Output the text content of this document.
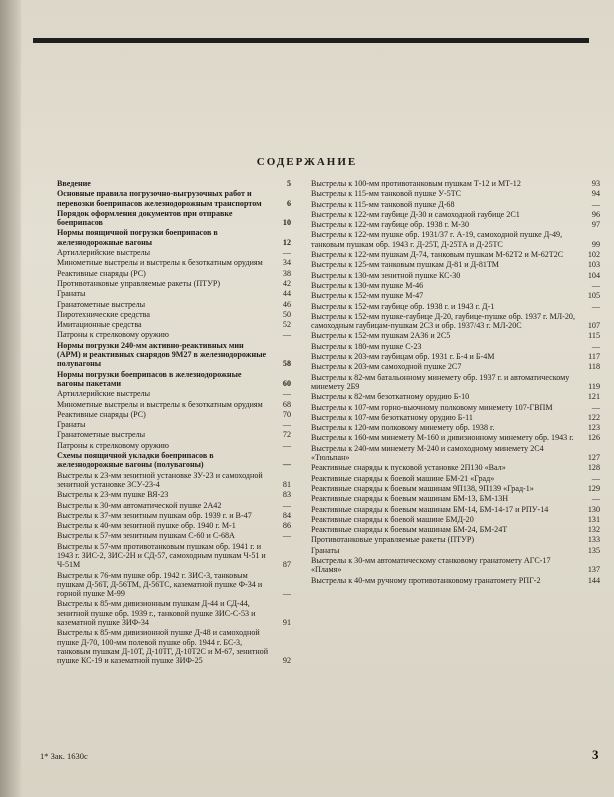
СОДЕРЖАНИЕ
Введение	5
Основные правила погрузочно-выгрузочных работ и перевозки боеприпасов железнодорожным транспортом	6
Порядок оформления документов при отправке боеприпасов	10
Нормы поящичной погрузки боеприпасов в железнодорожные вагоны	12
Артиллерийские выстрелы	—
Минометные выстрелы и выстрелы к безоткатным орудиям	34
Реактивные снаряды (РС)	38
Противотанковые управляемые ракеты (ПТУР)	42
Гранаты	44
Гранатометные выстрелы	46
Пиротехнические средства	50
Имитационные средства	52
Патроны к стрелковому оружию	—
Нормы погрузки 240-мм активно-реактивных мин (АРМ) и реактивных снарядов 9М27 в железнодорожные полувагоны	58
Нормы погрузки боеприпасов в железнодорожные вагоны пакетами	60
Артиллерийские выстрелы	—
Минометные выстрелы и выстрелы к безоткатным орудиям	68
Реактивные снаряды (РС)	70
Гранаты	—
Гранатометные выстрелы	72
Патроны к стрелковому оружию	—
Схемы поящичной укладки боеприпасов в железнодорожные вагоны (полувагоны)	—
Выстрелы к 23-мм зенитной установке ЗУ-23 и самоходной зенитной установке ЗСУ-23-4	81
Выстрелы к 23-мм пушке ВЯ-23	83
Выстрелы к 30-мм автоматической пушке 2А42	—
Выстрелы к 37-мм зенитным пушкам обр. 1939 г. и В-47	84
Выстрелы к 40-мм зенитной пушке обр. 1940 г. М-1	86
Выстрелы к 57-мм зенитным пушкам С-60 и С-68А	—
Выстрелы к 57-мм противотанковым пушкам обр. 1941 г. и 1943 г. ЗИС-2, ЗИС-2Н и СД-57, самоходным пушкам Ч-51 и Ч-51М	87
Выстрелы к 76-мм пушке обр. 1942 г. ЗИС-3, танковым пушкам Д-56Т, Д-56ТМ, Д-56ТС, казематной пушке Ф-34 и горной пушке М-99	—
Выстрелы к 85-мм дивизионным пушкам Д-44 и СД-44, зенитной пушке обр. 1939 г., танковой пушке ЗИС-С-53 и казематной пушке ЗИФ-34	91
Выстрелы к 85-мм дивизионной пушке Д-48 и самоходной пушке Д-70, 100-мм полевой пушке обр. 1944 г. БС-3, танковым пушкам Д-10Т, Д-10ТГ, Д-10Т2С и М-67, зенитной пушке КС-19 и казематной пушке ЗИФ-25	92
Выстрелы к 100-мм противотанковым пушкам Т-12 и МТ-12	93
Выстрелы к 115-мм танковой пушке У-5ТС	94
Выстрелы к 115-мм танковой пушке Д-68	—
Выстрелы к 122-мм гаубице Д-30 и самоходной гаубице 2С1	96
Выстрелы к 122-мм гаубице обр. 1938 г. М-30	97
Выстрелы к 122-мм пушке обр. 1931/37 г. А-19, самоходной пушке Д-49, танковым пушкам обр. 1943 г. Д-25Т, Д-25ТА и Д-25ТС	99
Выстрелы к 122-мм пушкам Д-74, танковым пушкам М-62Т2 и М-62Т2С	102
Выстрелы к 125-мм танковым пушкам Д-81 и Д-81ТМ	103
Выстрелы к 130-мм зенитной пушке КС-30	104
Выстрелы к 130-мм пушке М-46	—
Выстрелы к 152-мм пушке М-47	105
Выстрелы к 152-мм гаубице обр. 1938 г. и 1943 г. Д-1	—
Выстрелы к 152-мм пушке-гаубице Д-20, гаубице-пушке обр. 1937 г. МЛ-20, самоходным гаубицам-пушкам 2С3 и обр. 1937/43 г. МЛ-20С	107
Выстрелы к 152-мм пушкам 2А36 и 2С5	115
Выстрелы к 180-мм пушке С-23	—
Выстрелы к 203-мм гаубицам обр. 1931 г. Б-4 и Б-4М	117
Выстрелы к 203-мм самоходной пушке 2С7	118
Выстрелы к 82-мм батальонному минемету обр. 1937 г. и автоматическому минемету 2Б9	119
Выстрелы к 82-мм безоткатному орудию Б-10	121
Выстрелы к 107-мм горно-вьючному полковому минемету 107-ГВПМ	—
Выстрелы к 107-мм безоткатному орудию Б-11	122
Выстрелы к 120-мм полковому минемету обр. 1938 г.	123
Выстрелы к 160-мм минемету М-160 и дивизионному минемету обр. 1943 г.	126
Выстрелы к 240-мм минемету М-240 и самоходному минемету 2С4 «Тюльпан»	127
Реактивные снаряды к пусковой установке 2П130 «Вал»	128
Реактивные снаряды к боевой машине БМ-21 «Град»	—
Реактивные снаряды к боевым машинам 9П138, 9П139 «Град-1»	129
Реактивные снаряды к боевым машинам БМ-13, БМ-13Н	—
Реактивные снаряды к боевым машинам БМ-14, БМ-14-17 и РПУ-14	130
Реактивные снаряды к боевой машине БМД-20	131
Реактивные снаряды к боевым машинам БМ-24, БМ-24Т	132
Противотанковые управляемые ракеты (ПТУР)	133
Гранаты	135
Выстрелы к 30-мм автоматическому станковому гранатомету АГС-17 «Пламя»	137
Выстрелы к 40-мм ручному противотанковому гранатомету РПГ-2	144
1* Зак. 1630с	3
